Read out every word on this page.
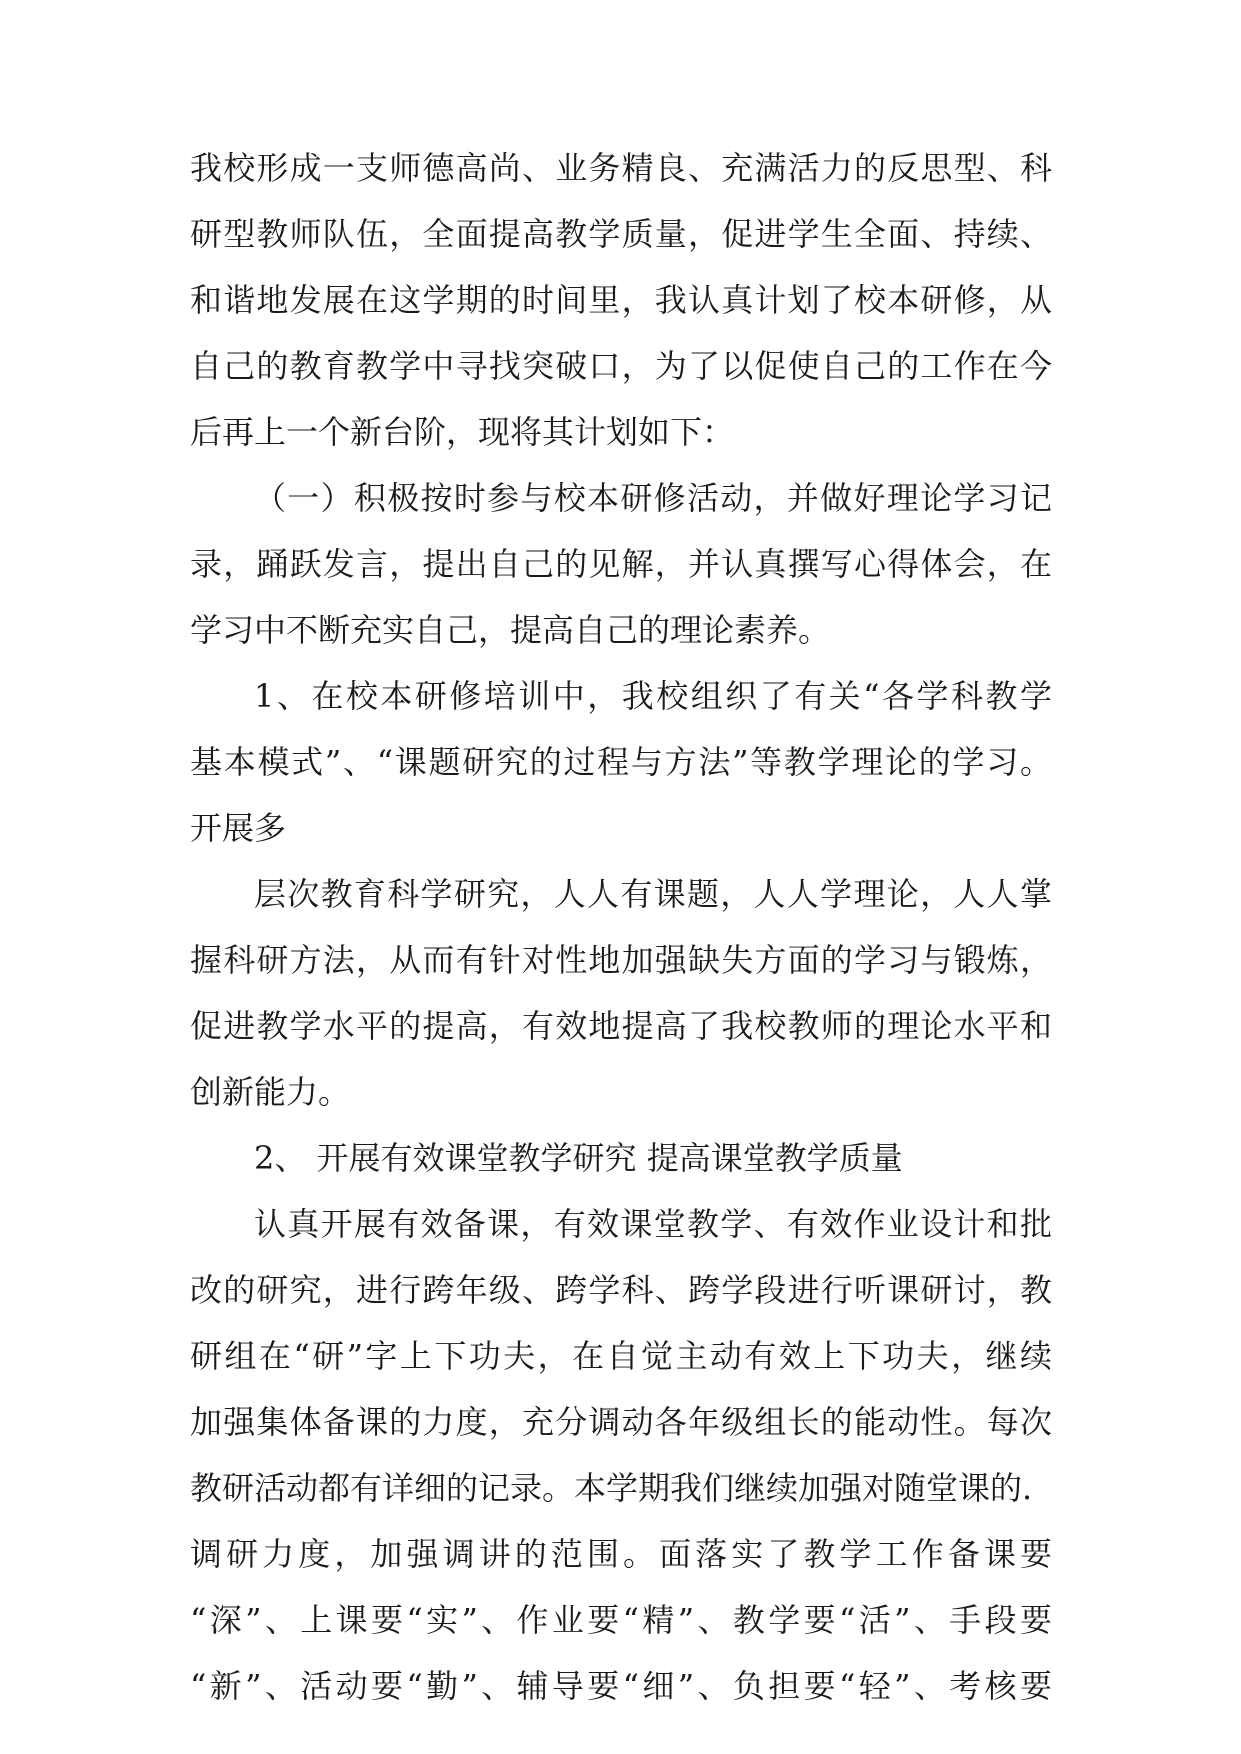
我校形成一支师德高尚、业务精良、充满活力的反思型、科
研型教师队伍，全面提高教学质量，促进学生全面、持续、
和谐地发展在这学期的时间里，我认真计划了校本研修，从
自己的教育教学中寻找突破口，为了以促使自己的工作在今
后再上一个新台阶，现将其计划如下：
（一）积极按时参与校本研修活动，并做好理论学习记
录，踊跃发言，提出自己的见解，并认真撰写心得体会，在
学习中不断充实自己，提高自己的理论素养。
1、在校本研修培训中，我校组织了有关“各学科教学
基本模式”、“课题研究的过程与方法”等教学理论的学习。
开展多
层次教育科学研究，人人有课题，人人学理论，人人掌
握科研方法，从而有针对性地加强缺失方面的学习与锻炼，
促进教学水平的提高，有效地提高了我校教师的理论水平和
创新能力。
2、 开展有效课堂教学研究 提高课堂教学质量
认真开展有效备课，有效课堂教学、有效作业设计和批
改的研究，进行跨年级、跨学科、跨学段进行听课研讨，教
研组在“研”字上下功夫，在自觉主动有效上下功夫，继续
加强集体备课的力度，充分调动各年级组长的能动性。每次
教研活动都有详细的记录。本学期我们继续加强对随堂课的.
调研力度，加强调讲的范围。面落实了教学工作备课要
“深”、上课要“实”、作业要“精”、教学要“活”、手段要
“新”、活动要“勤”、辅导要“细”、负担要“轻”、考核要
